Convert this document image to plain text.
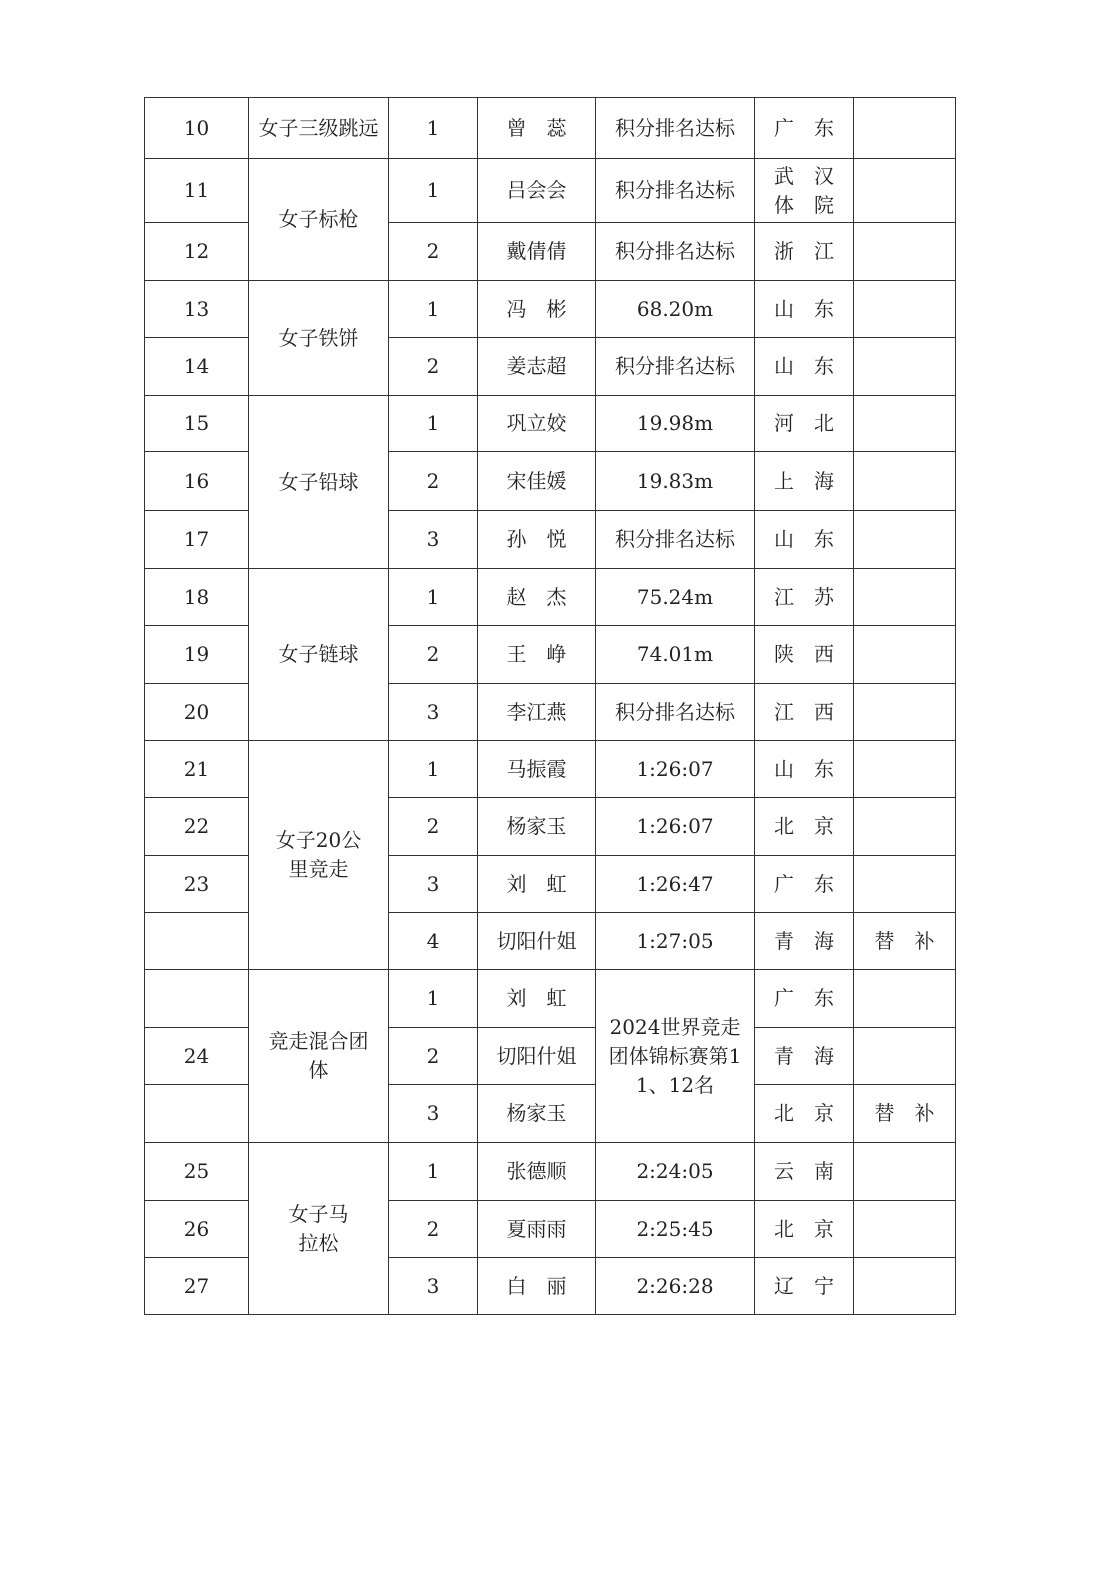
10	女子三级跳远	1	曾　蕊	积分排名达标	广　东	
11	女子标枪	1	吕会会	积分排名达标	武　汉体　院	
12		2	戴倩倩	积分排名达标	浙　江	
13	女子铁饼	1	冯　彬	68.20m	山　东	
14		2	姜志超	积分排名达标	山　东	
15	女子铅球	1	巩立姣	19.98m	河　北	
16		2	宋佳媛	19.83m	上　海	
17		3	孙　悦	积分排名达标	山　东	
18	女子链球	1	赵　杰	75.24m	江　苏	
19		2	王　峥	74.01m	陕　西	
20		3	李江燕	积分排名达标	江　西	
21	女子20公里竞走	1	马振霞	1:26:07	山　东	
22		2	杨家玉	1:26:07	北　京	
23		3	刘　虹	1:26:47	广　东	
		4	切阳什姐	1:27:05	青　海	替　补
	竞走混合团体	1	刘　虹	2024世界竞走团体锦标赛第11、12名	广　东	
24		2	切阳什姐		青　海	
		3	杨家玉		北　京	替　补
25	女子马拉松	1	张德顺	2:24:05	云　南	
26		2	夏雨雨	2:25:45	北　京	
27		3	白　丽	2:26:28	辽　宁	
